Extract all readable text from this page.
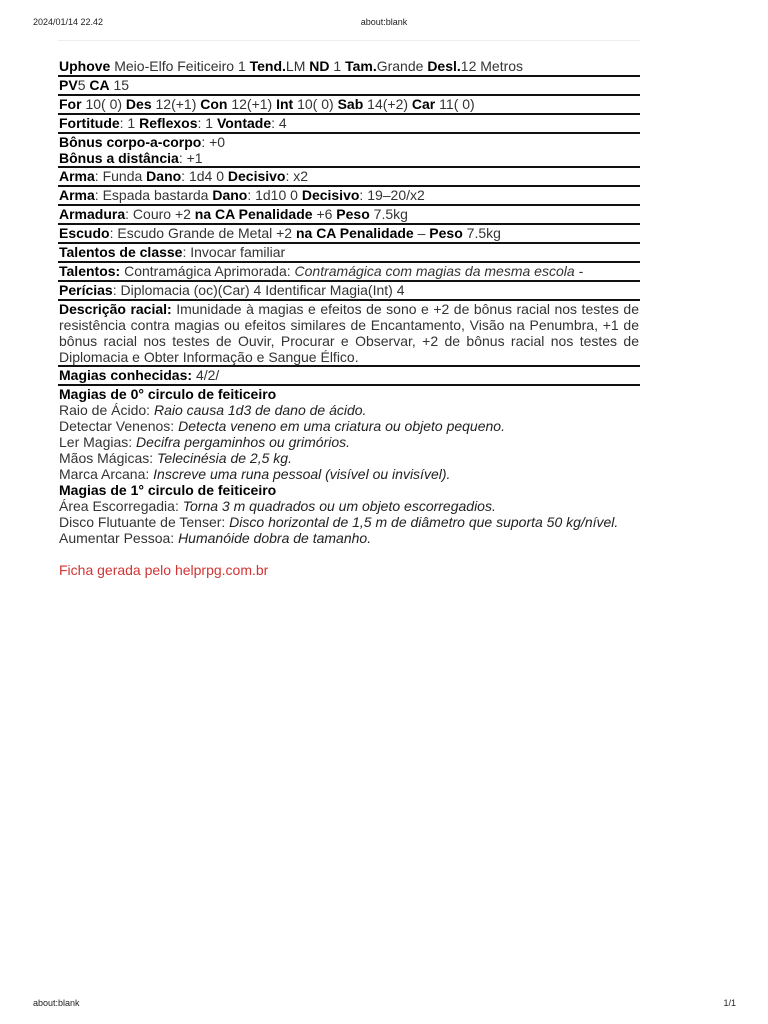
2024/01/14 22.42	about:blank
Uphove Meio-Elfo Feiticeiro 1 Tend.LM ND 1 Tam.Grande Desl.12 Metros
PV5 CA 15
For 10( 0) Des 12(+1) Con 12(+1) Int 10( 0) Sab 14(+2) Car 11( 0)
Fortitude: 1 Reflexos: 1 Vontade: 4
Bônus corpo-a-corpo: +0
Bônus a distância: +1
Arma: Funda Dano: 1d4 0 Decisivo: x2
Arma: Espada bastarda Dano: 1d10 0 Decisivo: 19–20/x2
Armadura: Couro +2 na CA Penalidade +6 Peso 7.5kg
Escudo: Escudo Grande de Metal +2 na CA Penalidade – Peso 7.5kg
Talentos de classe: Invocar familiar
Talentos: Contramágica Aprimorada: Contramágica com magias da mesma escola -
Perícias: Diplomacia (oc)(Car) 4 Identificar Magia(Int) 4
Descrição racial: Imunidade à magias e efeitos de sono e +2 de bônus racial nos testes de resistência contra magias ou efeitos similares de Encantamento, Visão na Penumbra, +1 de bônus racial nos testes de Ouvir, Procurar e Observar, +2 de bônus racial nos testes de Diplomacia e Obter Informação e Sangue Élfico.
Magias conhecidas: 4/2/
Magias de 0° circulo de feiticeiro
Raio de Ácido: Raio causa 1d3 de dano de ácido.
Detectar Venenos: Detecta veneno em uma criatura ou objeto pequeno.
Ler Magias: Decifra pergaminhos ou grimórios.
Mãos Mágicas: Telecinésia de 2,5 kg.
Marca Arcana: Inscreve uma runa pessoal (visível ou invisível).
Magias de 1° circulo de feiticeiro
Área Escorregadia: Torna 3 m quadrados ou um objeto escorregadios.
Disco Flutuante de Tenser: Disco horizontal de 1,5 m de diâmetro que suporta 50 kg/nível.
Aumentar Pessoa: Humanóide dobra de tamanho.
Ficha gerada pelo helprpg.com.br
about:blank	1/1
